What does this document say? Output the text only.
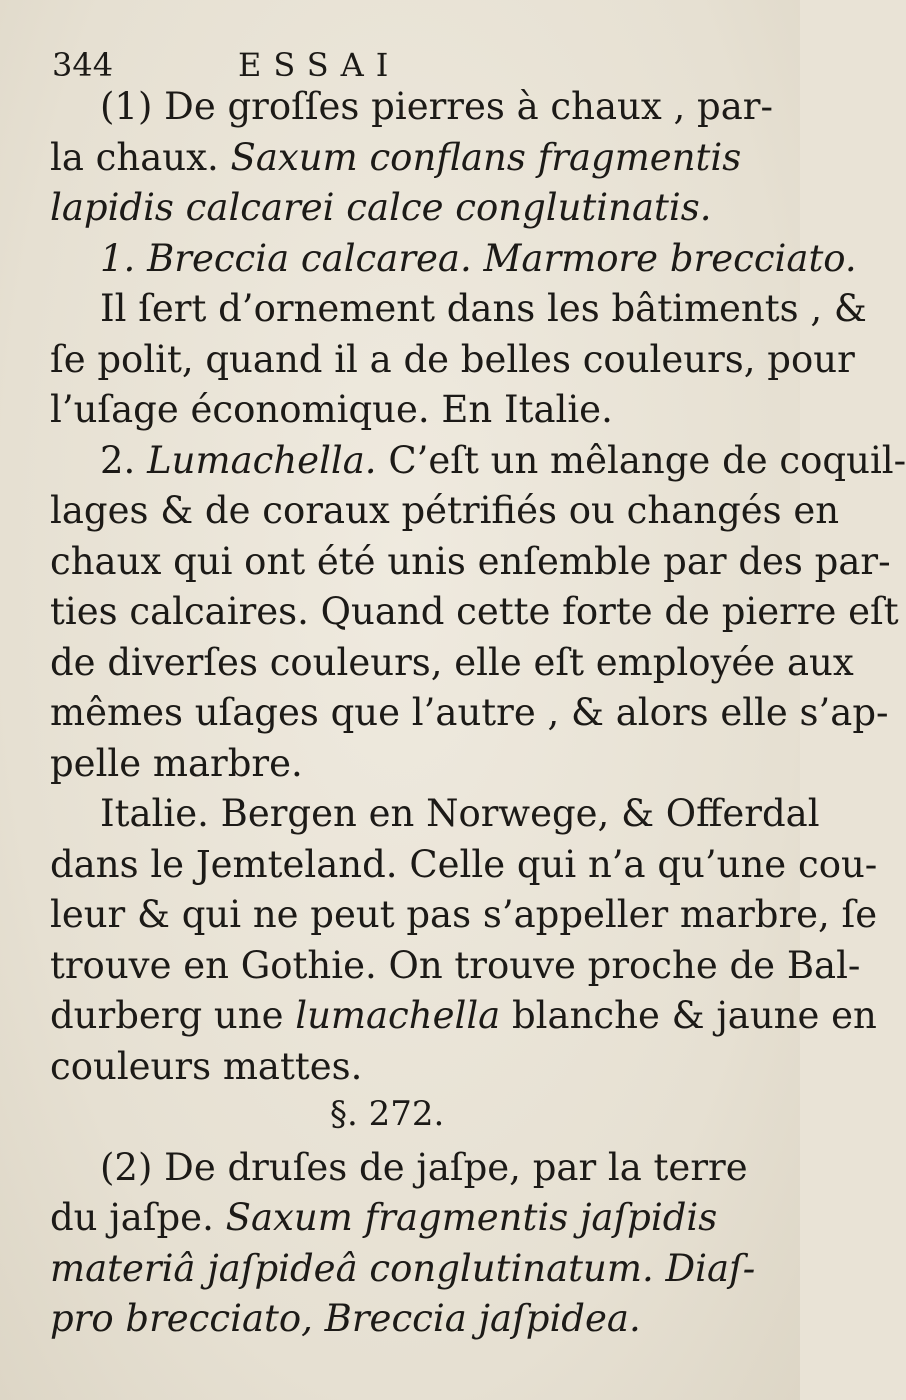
344	ESSAI
(1) De groſſes pierres à chaux , par-
la chaux. Saxum conflans fragmentis
lapidis calcarei calce conglutinatis.
1. Breccia calcarea. Marmore brecciato.
Il ſert d’ornement dans les bâtiments , &
ſe polit, quand il a de belles couleurs, pour
l’uſage économique. En Italie.
2. Lumachella. C’eſt un mêlange de coquil-
lages & de coraux pétrifiés ou changés en
chaux qui ont été unis enſemble par des par-
ties calcaires. Quand cette forte de pierre eſt
de diverſes couleurs, elle eſt employée aux
mêmes uſages que l’autre , & alors elle s’ap-
pelle marbre.
Italie. Bergen en Norwege, & Offerdal
dans le Jemteland. Celle qui n’a qu’une cou-
leur & qui ne peut pas s’appeller marbre, ſe
trouve en Gothie. On trouve proche de Bal-
durberg une lumachella blanche & jaune en
couleurs mattes.
§. 272.
(2) De druſes de jaſpe, par la terre
du jaſpe. Saxum fragmentis jaſpidis
materiâ jaſpideâ conglutinatum. Diaſ-
pro brecciato, Breccia jaſpidea.
